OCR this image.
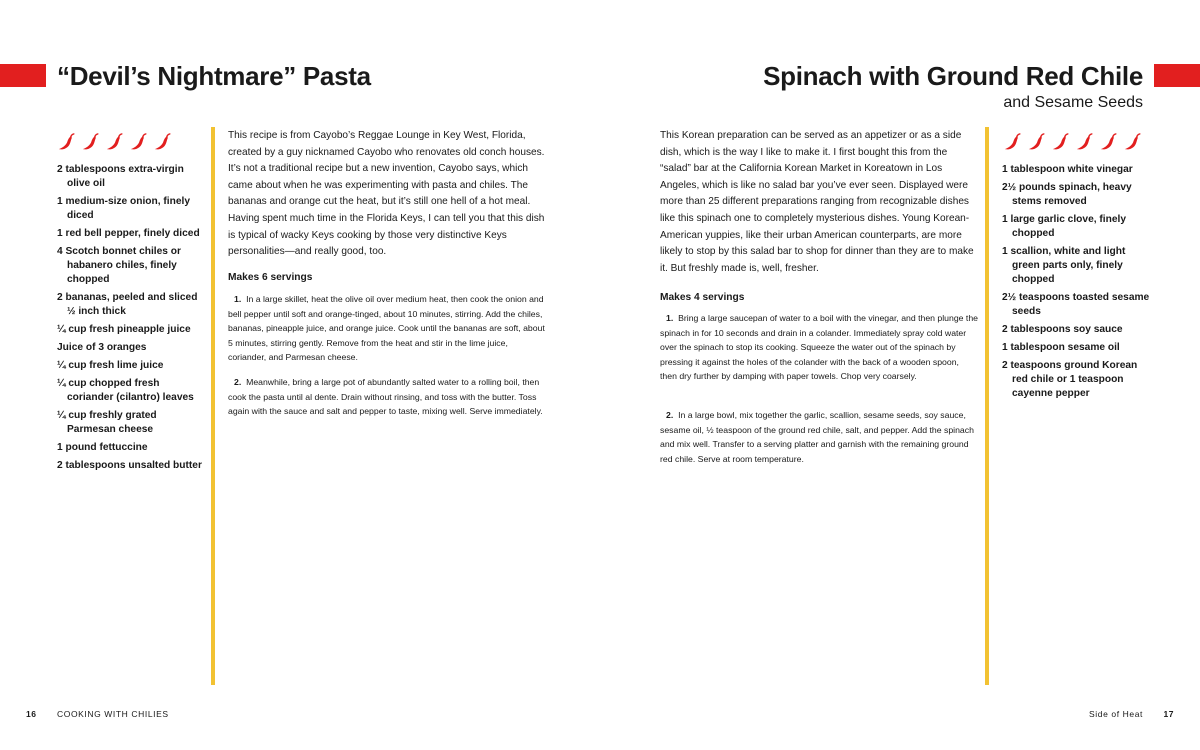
“Devil’s Nightmare” Pasta
2 tablespoons extra-virgin olive oil
1 medium-size onion, finely diced
1 red bell pepper, finely diced
4 Scotch bonnet chiles or habanero chiles, finely chopped
2 bananas, peeled and sliced ½ inch thick
¼ cup fresh pineapple juice
Juice of 3 oranges
¼ cup fresh lime juice
¼ cup chopped fresh coriander (cilantro) leaves
¼ cup freshly grated Parmesan cheese
1 pound fettuccine
2 tablespoons unsalted butter

This recipe is from Cayobo’s Reggae Lounge in Key West, Florida, created by a guy nicknamed Cayobo who renovates old conch houses. It’s not a traditional recipe but a new invention, Cayobo says, which came about when he was experimenting with pasta and chiles. The bananas and orange cut the heat, but it’s still one hell of a hot meal. Having spent much time in the Florida Keys, I can tell you that this dish is typical of wacky Keys cooking by those very distinctive Keys personalities—and really good, too.

Makes 6 servings

1. In a large skillet, heat the olive oil over medium heat, then cook the onion and bell pepper until soft and orange-tinged, about 10 minutes, stirring. Add the chiles, bananas, pineapple juice, and orange juice. Cook until the bananas are soft, about 5 minutes, stirring gently. Remove from the heat and stir in the lime juice, coriander, and Parmesan cheese.

2. Meanwhile, bring a large pot of abundantly salted water to a rolling boil, then cook the pasta until al dente. Drain without rinsing, and toss with the butter. Toss again with the sauce and salt and pepper to taste, mixing well. Serve immediately.

16 COOKING WITH CHILIES
Spinach with Ground Red Chile
and Sesame Seeds

This Korean preparation can be served as an appetizer or as a side dish, which is the way I like to make it. I first bought this from the “salad” bar at the California Korean Market in Koreatown in Los Angeles, which is like no salad bar you’ve ever seen. Displayed were more than 25 different preparations ranging from recognizable dishes like this spinach one to completely mysterious dishes. Young Korean-American yuppies, like their urban American counterparts, are more likely to stop by this salad bar to shop for dinner than they are to make it. But freshly made is, well, fresher.

Makes 4 servings

1. Bring a large saucepan of water to a boil with the vinegar, and then plunge the spinach in for 10 seconds and drain in a colander. Immediately spray cold water over the spinach to stop its cooking. Squeeze the water out of the spinach by pressing it against the holes of the colander with the back of a wooden spoon, then dry further by damping with paper towels. Chop very coarsely.

2. In a large bowl, mix together the garlic, scallion, sesame seeds, soy sauce, sesame oil, ½ teaspoon of the ground red chile, salt, and pepper. Add the spinach and mix well. Transfer to a serving platter and garnish with the remaining ground red chile. Serve at room temperature.

1 tablespoon white vinegar
2½ pounds spinach, heavy stems removed
1 large garlic clove, finely chopped
1 scallion, white and light green parts only, finely chopped
2½ teaspoons toasted sesame seeds
2 tablespoons soy sauce
1 tablespoon sesame oil
2 teaspoons ground Korean red chile or 1 teaspoon cayenne pepper
Side of Heat 17
